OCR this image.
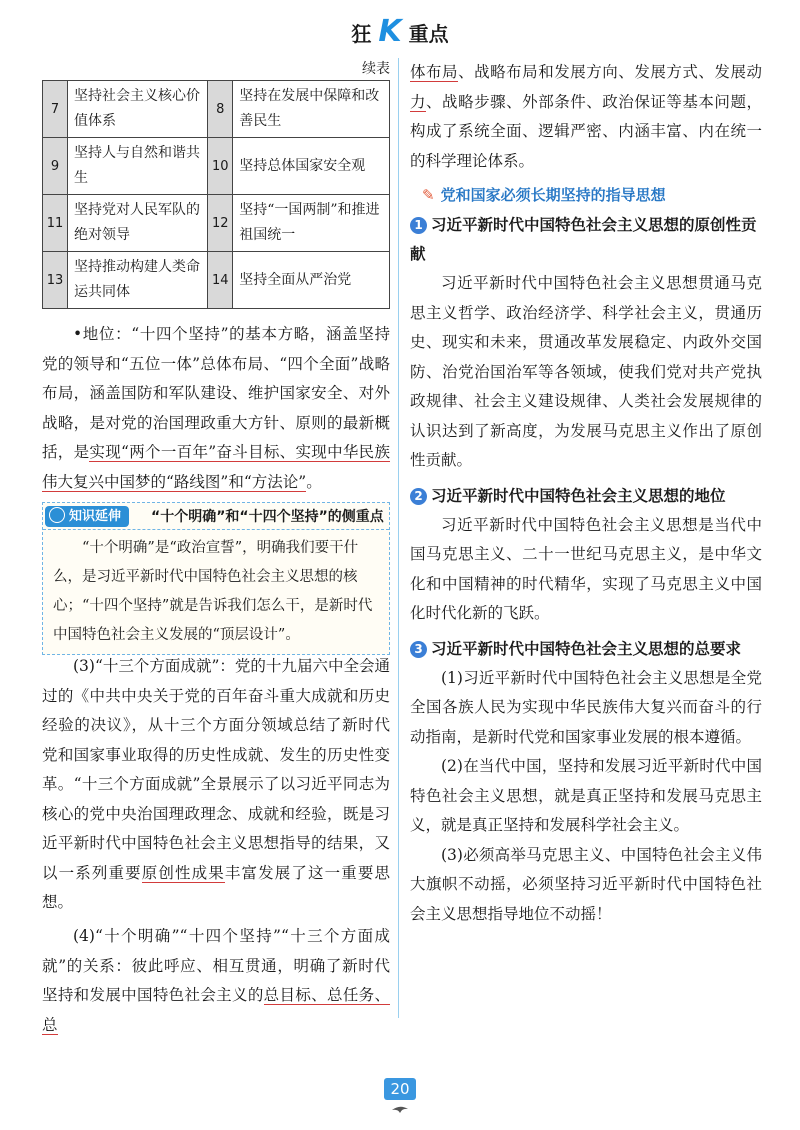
狂 K 重点
续表
7	坚持社会主义核心价值体系	8	坚持在发展中保障和改善民生
9	坚持人与自然和谐共生	10	坚持总体国家安全观
11	坚持党对人民军队的绝对领导	12	坚持“一国两制”和推进祖国统一
13	坚持推动构建人类命运共同体	14	坚持全面从严治党

•地位：“十四个坚持”的基本方略，涵盖坚持党的领导和“五位一体”总体布局、“四个全面”战略布局，涵盖国防和军队建设、维护国家安全、对外战略，是对党的治国理政重大方针、原则的最新概括，是实现“两个一百年”奋斗目标、实现中华民族伟大复兴中国梦的“路线图”和“方法论”。

知识延伸	“十个明确”和“十四个坚持”的侧重点
“十个明确”是“政治宣誓”，明确我们要干什么，是习近平新时代中国特色社会主义思想的核心；“十四个坚持”就是告诉我们怎么干，是新时代中国特色社会主义发展的“顶层设计”。

(3)“十三个方面成就”：党的十九届六中全会通过的《中共中央关于党的百年奋斗重大成就和历史经验的决议》，从十三个方面分领域总结了新时代党和国家事业取得的历史性成就、发生的历史性变革。“十三个方面成就”全景展示了以习近平同志为核心的党中央治国理政理念、成就和经验，既是习近平新时代中国特色社会主义思想指导的结果，又以一系列重要原创性成果丰富发展了这一重要思想。

(4)“十个明确”“十四个坚持”“十三个方面成就”的关系：彼此呼应、相互贯通，明确了新时代坚持和发展中国特色社会主义的总目标、总任务、总

体布局、战略布局和发展方向、发展方式、发展动力、战略步骤、外部条件、政治保证等基本问题，构成了系统全面、逻辑严密、内涵丰富、内在统一的科学理论体系。

✎ 党和国家必须长期坚持的指导思想
1 习近平新时代中国特色社会主义思想的原创性贡献

习近平新时代中国特色社会主义思想贯通马克思主义哲学、政治经济学、科学社会主义，贯通历史、现实和未来，贯通改革发展稳定、内政外交国防、治党治国治军等各领域，使我们党对共产党执政规律、社会主义建设规律、人类社会发展规律的认识达到了新高度，为发展马克思主义作出了原创性贡献。

2 习近平新时代中国特色社会主义思想的地位

习近平新时代中国特色社会主义思想是当代中国马克思主义、二十一世纪马克思主义，是中华文化和中国精神的时代精华，实现了马克思主义中国化时代化新的飞跃。

3 习近平新时代中国特色社会主义思想的总要求

(1)习近平新时代中国特色社会主义思想是全党全国各族人民为实现中华民族伟大复兴而奋斗的行动指南，是新时代党和国家事业发展的根本遵循。

(2)在当代中国，坚持和发展习近平新时代中国特色社会主义思想，就是真正坚持和发展马克思主义，就是真正坚持和发展科学社会主义。

(3)必须高举马克思主义、中国特色社会主义伟大旗帜不动摇，必须坚持习近平新时代中国特色社会主义思想指导地位不动摇！

20
